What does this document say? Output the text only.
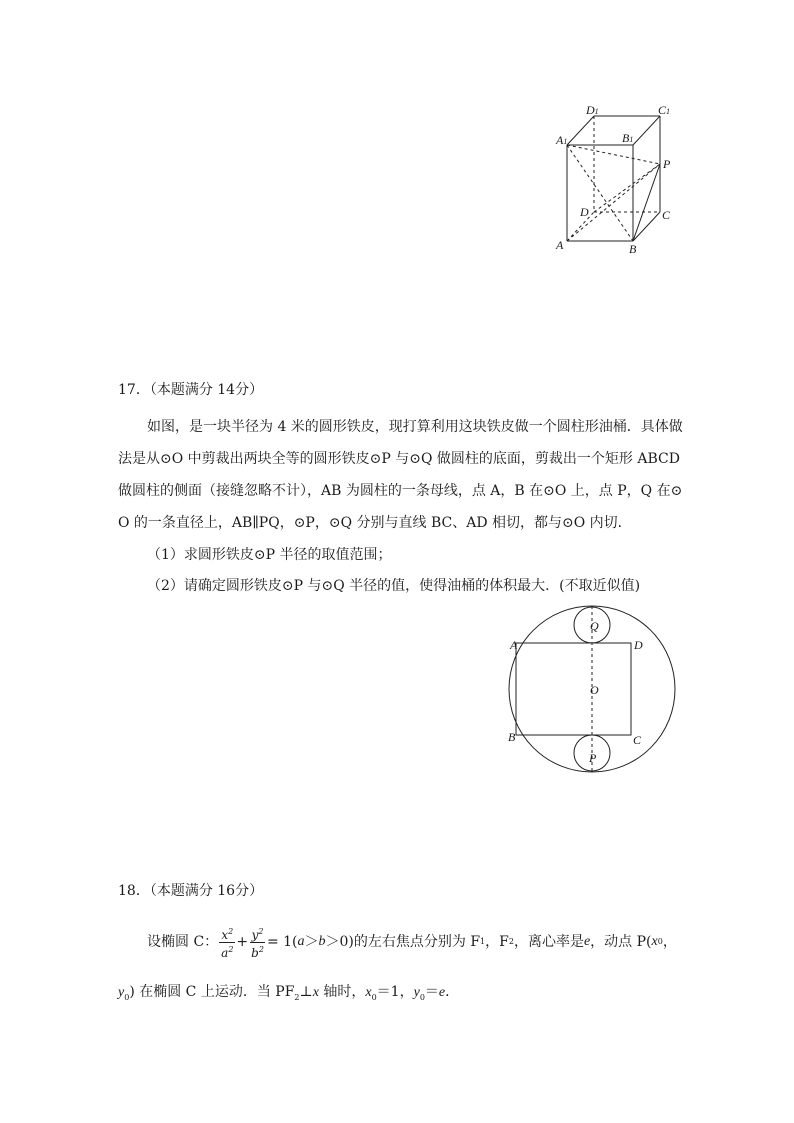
D1	C1
A1	B1
P
D	C
A	B
17．（本题满分 14分）
如图，是一块半径为 4 米的圆形铁皮，现打算利用这块铁皮做一个圆柱形油桶．具体做
法是从⊙O 中剪裁出两块全等的圆形铁皮⊙P 与⊙Q 做圆柱的底面，剪裁出一个矩形 ABCD
做圆柱的侧面（接缝忽略不计），AB 为圆柱的一条母线，点 A，B 在⊙O 上，点 P，Q 在⊙
O 的一条直径上，AB∥PQ，⊙P，⊙Q 分别与直线 BC、AD 相切，都与⊙O 内切．
（1）求圆形铁皮⊙P 半径的取值范围；
（2）请确定圆形铁皮⊙P 与⊙Q 半径的值，使得油桶的体积最大．(不取近似值)
Q
A	D
O
B	C
P
18．（本题满分 16分）
设椭圆 C： $\frac{x^2}{a^2} + \frac{y^2}{b^2} = 1$( a ＞ b ＞0) 的左右焦点分别为 F 1 ，F 2 ，离心率是 e ，动点 P( x 0 ，
$y_0$) 在椭圆 C 上运动．当 $PF_2\perp x$ 轴时，$x_0=1$，$y_0=e$．
